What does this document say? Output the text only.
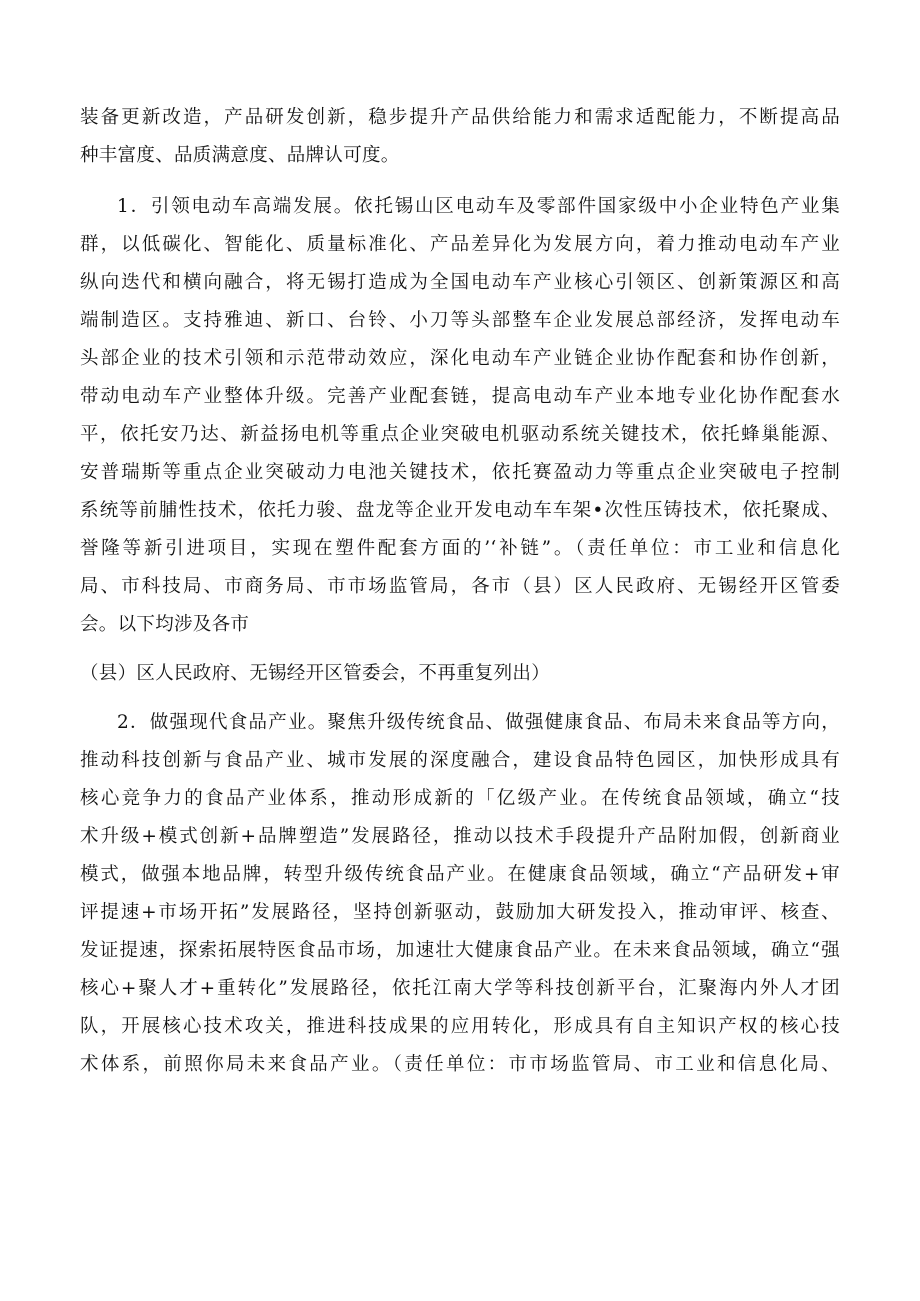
装备更新改造，产品研发创新，稳步提升产品供给能力和需求适配能力，不断提高品
种丰富度、品质满意度、品牌认可度。
1．引领电动车高端发展。依托锡山区电动车及零部件国家级中小企业特色产业集
群，以低碳化、智能化、质量标准化、产品差异化为发展方向，着力推动电动车产业
纵向迭代和横向融合，将无锡打造成为全国电动车产业核心引领区、创新策源区和高
端制造区。支持雅迪、新口、台铃、小刀等头部整车企业发展总部经济，发挥电动车
头部企业的技术引领和示范带动效应，深化电动车产业链企业协作配套和协作创新，
带动电动车产业整体升级。完善产业配套链，提高电动车产业本地专业化协作配套水
平，依托安乃达、新益扬电机等重点企业突破电机驱动系统关键技术，依托蜂巢能源、
安普瑞斯等重点企业突破动力电池关键技术，依托赛盈动力等重点企业突破电子控制
系统等前脯性技术，依托力骏、盘龙等企业开发电动车车架•次性压铸技术，依托聚成、
誉隆等新引进项目，实现在塑件配套方面的’‘补链”。（责任单位：市工业和信息化
局、市科技局、市商务局、市市场监管局，各市（县）区人民政府、无锡经开区管委
会。以下均涉及各市
（县）区人民政府、无锡经开区管委会，不再重复列出）
2．做强现代食品产业。聚焦升级传统食品、做强健康食品、布局未来食品等方向，
推动科技创新与食品产业、城市发展的深度融合，建设食品特色园区，加快形成具有
核心竞争力的食品产业体系，推动形成新的「亿级产业。在传统食品领域，确立“技
术升级+模式创新+品牌塑造”发展路径，推动以技术手段提升产品附加假，创新商业
模式，做强本地品牌，转型升级传统食品产业。在健康食品领域，确立“产品研发+审
评提速+市场开拓”发展路径，坚持创新驱动，鼓励加大研发投入，推动审评、核查、
发证提速，探索拓展特医食品市场，加速壮大健康食品产业。在未来食品领域，确立“强
核心+聚人才+重转化”发展路径，依托江南大学等科技创新平台，汇聚海内外人才团
队，开展核心技术攻关，推进科技成果的应用转化，形成具有自主知识产权的核心技
术体系，前照你局未来食品产业。（责任单位：市市场监管局、市工业和信息化局、
